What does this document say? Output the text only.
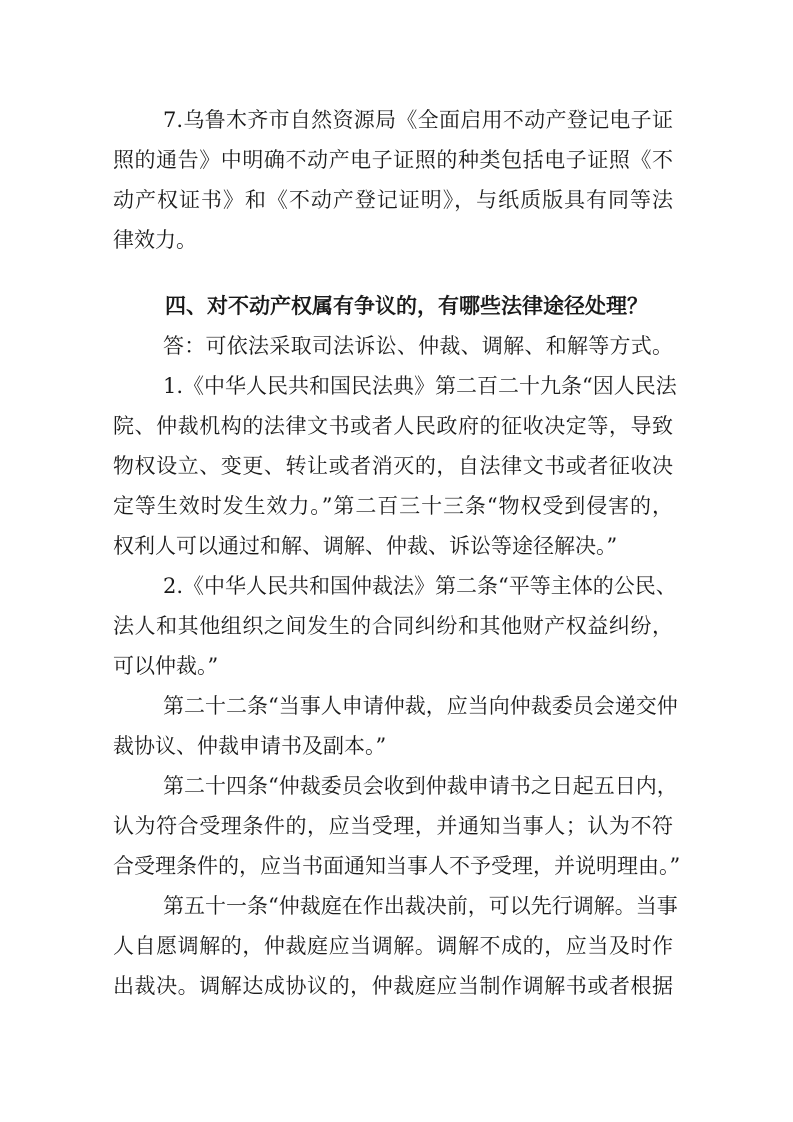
7.乌鲁木齐市自然资源局《全面启用不动产登记电子证
照的通告》中明确不动产电子证照的种类包括电子证照《不
动产权证书》和《不动产登记证明》，与纸质版具有同等法
律效力。
四、对不动产权属有争议的，有哪些法律途径处理？
答：可依法采取司法诉讼、仲裁、调解、和解等方式。
1.《中华人民共和国民法典》第二百二十九条“因人民法
院、仲裁机构的法律文书或者人民政府的征收决定等，导致
物权设立、变更、转让或者消灭的，自法律文书或者征收决
定等生效时发生效力。”第二百三十三条“物权受到侵害的，
权利人可以通过和解、调解、仲裁、诉讼等途径解决。”
2.《中华人民共和国仲裁法》第二条“平等主体的公民、
法人和其他组织之间发生的合同纠纷和其他财产权益纠纷，
可以仲裁。”
第二十二条“当事人申请仲裁，应当向仲裁委员会递交仲
裁协议、仲裁申请书及副本。”
第二十四条“仲裁委员会收到仲裁申请书之日起五日内，
认为符合受理条件的，应当受理，并通知当事人；认为不符
合受理条件的，应当书面通知当事人不予受理，并说明理由。”
第五十一条“仲裁庭在作出裁决前，可以先行调解。当事
人自愿调解的，仲裁庭应当调解。调解不成的，应当及时作
出裁决。调解达成协议的，仲裁庭应当制作调解书或者根据
